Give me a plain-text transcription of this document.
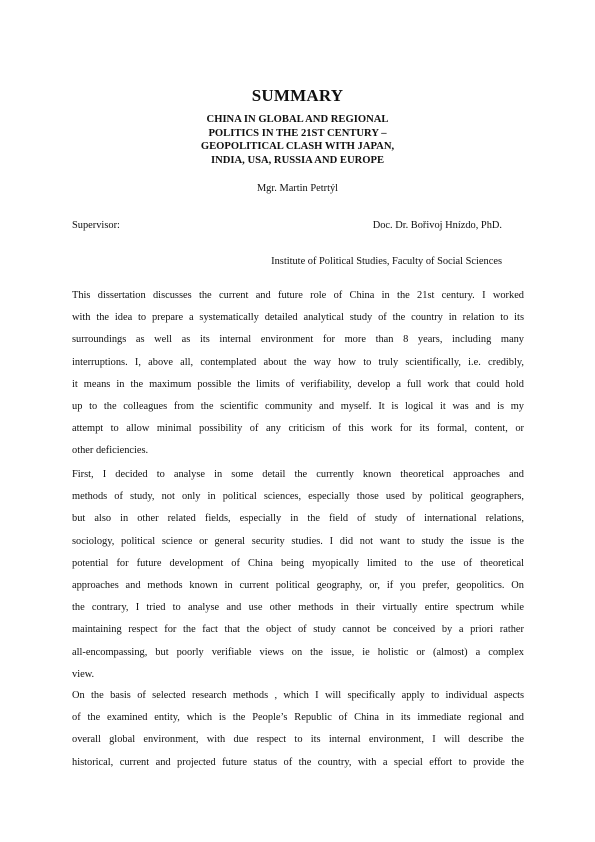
SUMMARY
CHINA IN GLOBAL AND REGIONAL
POLITICS IN THE 21ST CENTURY –
GEOPOLITICAL CLASH WITH JAPAN,
INDIA, USA, RUSSIA AND EUROPE
Mgr. Martin Petrtýl
Supervisor:	Doc. Dr. Bořivoj Hnízdo, PhD.
Institute of Political Studies, Faculty of Social Sciences
This dissertation discusses the current and future role of China in the 21st century. I worked
with the idea to prepare a systematically detailed analytical study of the country in relation to its
surroundings as well as its internal environment for more than 8 years, including many
interruptions. I, above all, contemplated about the way how to truly scientifically, i.e. credibly,
it means in the maximum possible the limits of verifiability, develop a full work that could hold
up to the colleagues from the scientific community and myself. It is logical it was and is my
attempt to allow minimal possibility of any criticism of this work for its formal, content, or
other deficiencies.
First, I decided to analyse in some detail the currently known theoretical approaches and
methods of study, not only in political sciences, especially those used by political geographers,
but also in other related fields, especially in the field of study of international relations,
sociology, political science or general security studies. I did not want to study the issue is the
potential for future development of China being myopically limited to the use of theoretical
approaches and methods known in current political geography, or, if you prefer, geopolitics. On
the contrary, I tried to analyse and use other methods in their virtually entire spectrum while
maintaining respect for the fact that the object of study cannot be conceived by a priori rather
all-encompassing, but poorly verifiable views on the issue, ie holistic or (almost) a complex
view.
On the basis of selected research methods , which I will specifically apply to individual aspects
of the examined entity, which is the People’s Republic of China in its immediate regional and
overall global environment, with due respect to its internal environment, I will describe the
historical, current and projected future status of the country, with a special effort to provide the
